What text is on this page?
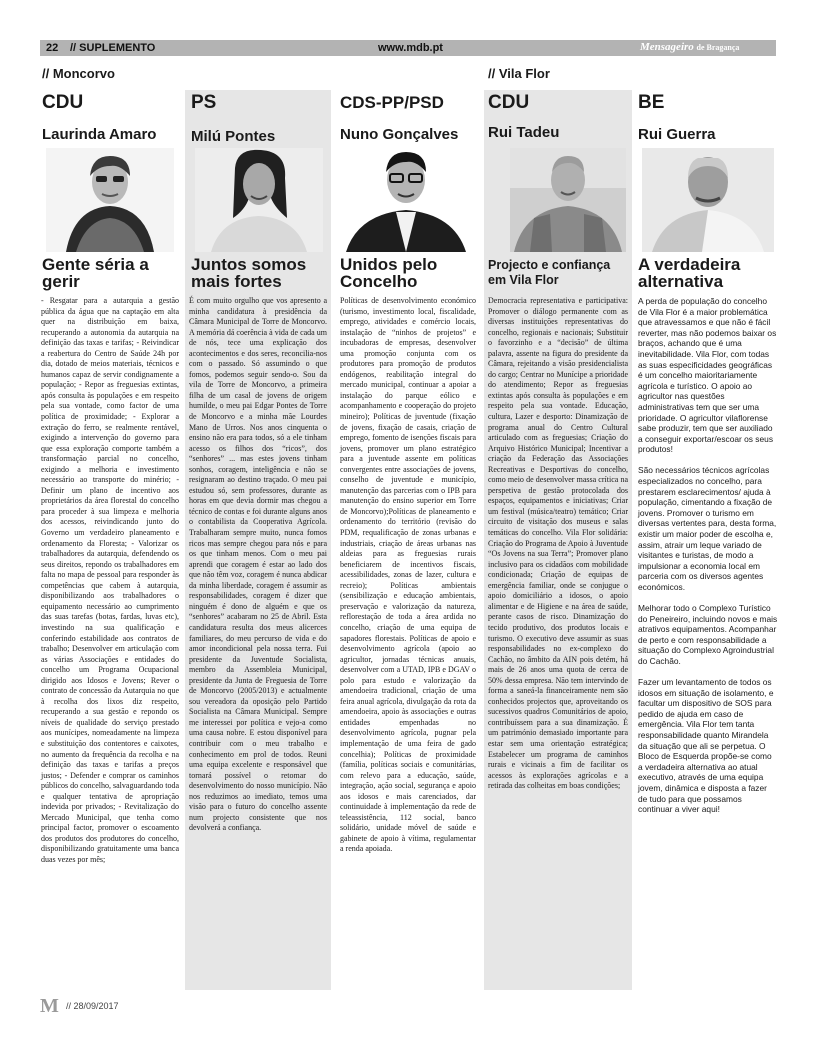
22 // SUPLEMENTO	www.mdb.pt	Mensageiro de Bragança
// Moncorvo	// Vila Flor
CDU
Laurinda Amaro
Gente séria a gerir
- Resgatar para a autarquia a gestão pública da água que na captação em alta quer na distribuição em baixa, recuperando a autonomia da autarquia na definição das taxas e tarifas; - Reivindicar a reabertura do Centro de Saúde 24h por dia, dotado de meios materiais, técnicos e humanos capaz de servir condignamente a população; - Repor as freguesias extintas, após consulta às populações e em respeito pela sua vontade, como factor de uma política de proximidade; - Explorar a extração do ferro, se realmente rentável, exigindo a intervenção do governo para que essa exploração comporte também a transformação parcial no concelho, exigindo a melhoria e investimento necessário ao transporte do minério; - Definir um plano de incentivo aos proprietários da área florestal do concelho para proceder à sua limpeza e melhoria dos acessos, reivindicando junto do Governo um verdadeiro planeamento e ordenamento da Floresta; - Valorizar os trabalhadores da autarquia, defendendo os seus direitos, repondo os trabalhadores em falta no mapa de pessoal para responder às competências que cabem à autarquia, disponibilizando aos trabalhadores o equipamento necessário ao cumprimento das suas tarefas (botas, fardas, luvas etc), investindo na sua qualificação e conferindo estabilidade aos contratos de trabalho; Desenvolver em articulação com as várias Associações e entidades do concelho um Programa Ocupacional dirigido aos Idosos e Jovens; Rever o contrato de concessão da Autarquia no que à recolha dos lixos diz respeito, recuperando a sua gestão e repondo os níveis de qualidade do serviço prestado aos munícipes, nomeadamente na limpeza e substituição dos contentores e caixotes, no aumento da frequência da recolha e na definição das taxas e tarifas a preços justos; - Defender e comprar os caminhos públicos do concelho, salvaguardando toda e qualquer tentativa de apropriação indevida por privados; - Revitalização do Mercado Municipal, que tenha como principal factor, promover o escoamento dos produtos dos produtores do concelho, disponibilizando gratuitamente uma banca duas vezes por mês;
PS
Milú Pontes
Juntos somos mais fortes
É com muito orgulho que vos apresento a minha candidatura à presidência da Câmara Municipal de Torre de Moncorvo. A memória dá coerência à vida de cada um de nós, tece uma explicação dos acontecimentos e dos seres, reconcilia-nos com o passado. Só assumindo o que fomos, podemos seguir sendo-o. Sou da vila de Torre de Moncorvo, a primeira filha de um casal de jovens de origem humilde, o meu pai Edgar Pontes de Torre de Moncorvo e a minha mãe Lourdes Mano de Urros. Nos anos cinquenta o ensino não era para todos, só a ele tinham acesso os filhos dos “ricos”, dos “senhores” ... mas estes jovens tinham sonhos, coragem, inteligência e não se resignaram ao destino traçado. O meu pai estudou só, sem professores, durante as horas em que devia dormir mas chegou a técnico de contas e foi durante alguns anos o contabilista da Cooperativa Agrícola. Trabalharam sempre muito, nunca fomos ricos mas sempre chegou para nós e para os que tinham menos. Com o meu pai aprendi que coragem é estar ao lado dos que não têm voz, coragem é nunca abdicar da minha liberdade, coragem é assumir as responsabilidades, coragem é dizer que ninguém é dono de alguém e que os “senhores” acabaram no 25 de Abril. Esta candidatura resulta dos meus alicerces familiares, do meu percurso de vida e do amor incondicional pela nossa terra. Fui presidente da Juventude Socialista, membro da Assembleia Municipal, presidente da Junta de Freguesia de Torre de Moncorvo (2005/2013) e actualmente sou vereadora da oposição pelo Partido Socialista na Câmara Municipal. Sempre me interessei por política e vejo-a como uma causa nobre. E estou disponível para contribuir com o meu trabalho e conhecimento em prol de todos. Reuni uma equipa excelente e responsável que tornará possível o retomar do desenvolvimento do nosso município. Não nos reduzimos ao imediato, temos uma visão para o futuro do concelho assente num projecto consistente que nos devolverá a confiança.
CDS-PP/PSD
Nuno Gonçalves
Unidos pelo Concelho
Políticas de desenvolvimento económico (turismo, investimento local, fiscalidade, emprego, atividades e comércio locais, instalação de “ninhos de projetos” e incubadoras de empresas, desenvolver uma promoção conjunta com os produtores para promoção de produtos endógenos, reabilitação integral do mercado municipal, continuar a apoiar a instalação do parque eólico e acompanhamento e cooperação do projeto mineiro); Políticas de juventude (fixação de jovens, fixação de casais, criação de emprego, fomento de isenções fiscais para jovens, promover um plano estratégico para a juventude assente em políticas convergentes entre associações de jovens, conselho de juventude e município, manutenção das parcerias com o IPB para manutenção do ensino superior em Torre de Moncorvo);Políticas de planeamento e ordenamento do território (revisão do PDM, requalificação de zonas urbanas e industriais, criação de áreas urbanas nas aldeias para as freguesias rurais beneficiarem de incentivos fiscais, acessibilidades, zonas de lazer, cultura e recreio); Políticas ambientais (sensibilização e educação ambientais, preservação e valorização da natureza, reflorestação de toda a área ardida no concelho, criação de uma equipa de sapadores florestais. Políticas de apoio e desenvolvimento agrícola (apoio ao agricultor, jornadas técnicas anuais, desenvolver com a UTAD, IPB e DGAV o polo para estudo e valorização da amendoeira tradicional, criação de uma feira anual agrícola, divulgação da rota da amendoeira, apoio às associações e outras entidades empenhadas no desenvolvimento agrícola, pugnar pela implementação de uma feira de gado concelhia); Políticas de proximidade (família, políticas sociais e comunitárias, com relevo para a educação, saúde, integração, ação social, segurança e apoio aos idosos e mais carenciados, dar continuidade à implementação da rede de teleassistência, 112 social, banco solidário, unidade móvel de saúde e gabinete de apoio à vítima, regulamentar a renda apoiada.
CDU
Rui Tadeu
Projecto e confiança em Vila Flor
Democracia representativa e participativa: Promover o diálogo permanente com as diversas instituições representativas do concelho, regionais e nacionais; Substituir o favorzinho e a “decisão” de última palavra, assente na figura do presidente da Câmara, rejeitando a visão presidencialista do cargo; Centrar no Munícipe a prioridade do atendimento; Repor as freguesias extintas após consulta às populações e em respeito pela sua vontade. Educação, cultura, Lazer e desporto: Dinamização de programa anual do Centro Cultural articulado com as freguesias; Criação do Arquivo Histórico Municipal; Incentivar a criação da Federação das Associações Recreativas e Desportivas do concelho, como meio de desenvolver massa crítica na perspetiva de gestão protocolada dos espaços, equipamentos e iniciativas; Criar um festival (música/teatro) temático; Criar circuito de visitação dos museus e salas temáticas do concelho. Vila Flor solidária: Criação do Programa de Apoio à Juventude “Os Jovens na sua Terra”; Promover plano inclusivo para os cidadãos com mobilidade condicionada; Criação de equipas de emergência familiar, onde se conjugue o apoio domiciliário a idosos, o apoio alimentar e de Higiene e na área de saúde, perante casos de risco. Dinamização do tecido produtivo, dos produtos locais e turismo. O executivo deve assumir as suas responsabilidades no ex-complexo do Cachão, no âmbito da AIN pois detém, há mais de 26 anos uma quota de cerca de 50% dessa empresa. Não tem intervindo de forma a saneá-la financeiramente nem são conhecidos projectos que, aproveitando os sucessivos quadros Comunitários de apoio, contribuíssem para a sua dinamização. É um património demasiado importante para estar sem uma orientação estratégica; Estabelecer um programa de caminhos rurais e vicinais a fim de facilitar os acessos às explorações agrícolas e a retirada das colheitas em boas condições;
BE
Rui Guerra
A verdadeira alternativa

A perda de população do concelho de Vila Flor é a maior problemática que atravessamos e que não é fácil reverter, mas não podemos baixar os braços, achando que é uma inevitabilidade. Vila Flor, com todas as suas especificidades geográficas é um concelho maioritariamente agrícola e turístico. O apoio ao agricultor nas questões administrativas tem que ser uma prioridade. O agricultor vilaflorense sabe produzir, tem que ser auxiliado a conseguir exportar/escoar os seus produtos!

São necessários técnicos agrícolas especializados no concelho, para prestarem esclarecimentos/ ajuda à população, cimentando a fixação de jovens. Promover o turismo em diversas vertentes para, desta forma, existir um maior poder de escolha e, assim, atrair um leque variado de visitantes e turistas, de modo a impulsionar a economia local em parceria com os diversos agentes económicos.

Melhorar todo o Complexo Turístico do Peneireiro, incluindo novos e mais atrativos equipamentos. Acompanhar de perto e com responsabilidade a situação do Complexo Agroindustrial do Cachão.

Fazer um levantamento de todos os idosos em situação de isolamento, e facultar um dispositivo de SOS para pedido de ajuda em caso de emergência. Vila Flor tem tanta responsabilidade quanto Mirandela da situação que ali se perpetua. O Bloco de Esquerda propõe-se como a verdadeira alternativa ao atual executivo, através de uma equipa jovem, dinâmica e disposta a fazer de tudo para que possamos continuar a viver aqui!

M // 28/09/2017
